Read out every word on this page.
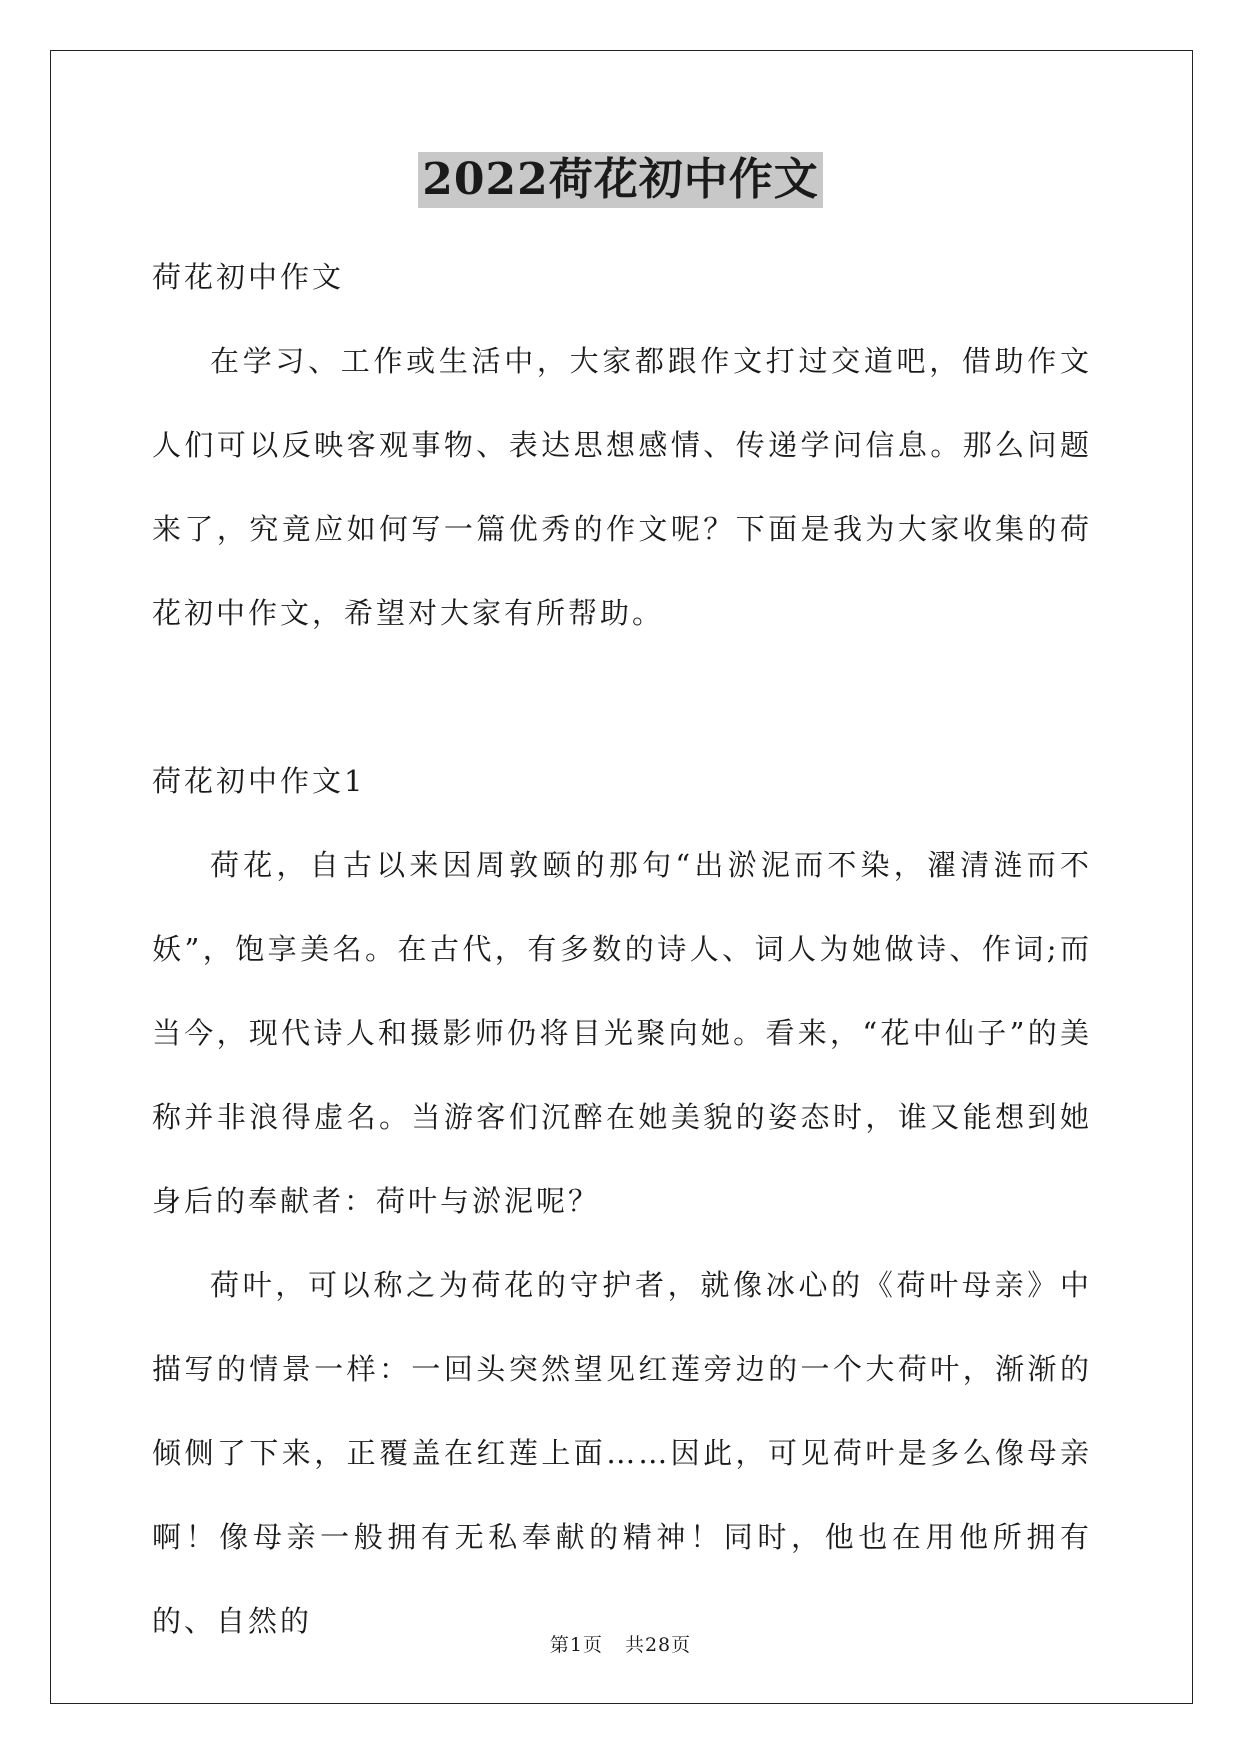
2022荷花初中作文

荷花初中作文

在学习、工作或生活中，大家都跟作文打过交道吧，借助作文人们可以反映客观事物、表达思想感情、传递学问信息。那么问题来了，究竟应如何写一篇优秀的作文呢？下面是我为大家收集的荷花初中作文，希望对大家有所帮助。

荷花初中作文1

荷花，自古以来因周敦颐的那句“出淤泥而不染，濯清涟而不妖”，饱享美名。在古代，有多数的诗人、词人为她做诗、作词;而当今，现代诗人和摄影师仍将目光聚向她。看来，“花中仙子”的美称并非浪得虚名。当游客们沉醉在她美貌的姿态时，谁又能想到她身后的奉献者：荷叶与淤泥呢？

荷叶，可以称之为荷花的守护者，就像冰心的《荷叶母亲》中描写的情景一样：一回头突然望见红莲旁边的一个大荷叶，渐渐的倾侧了下来，正覆盖在红莲上面……因此，可见荷叶是多么像母亲啊！像母亲一般拥有无私奉献的精神！同时，他也在用他所拥有的、自然的

第1页 共28页
